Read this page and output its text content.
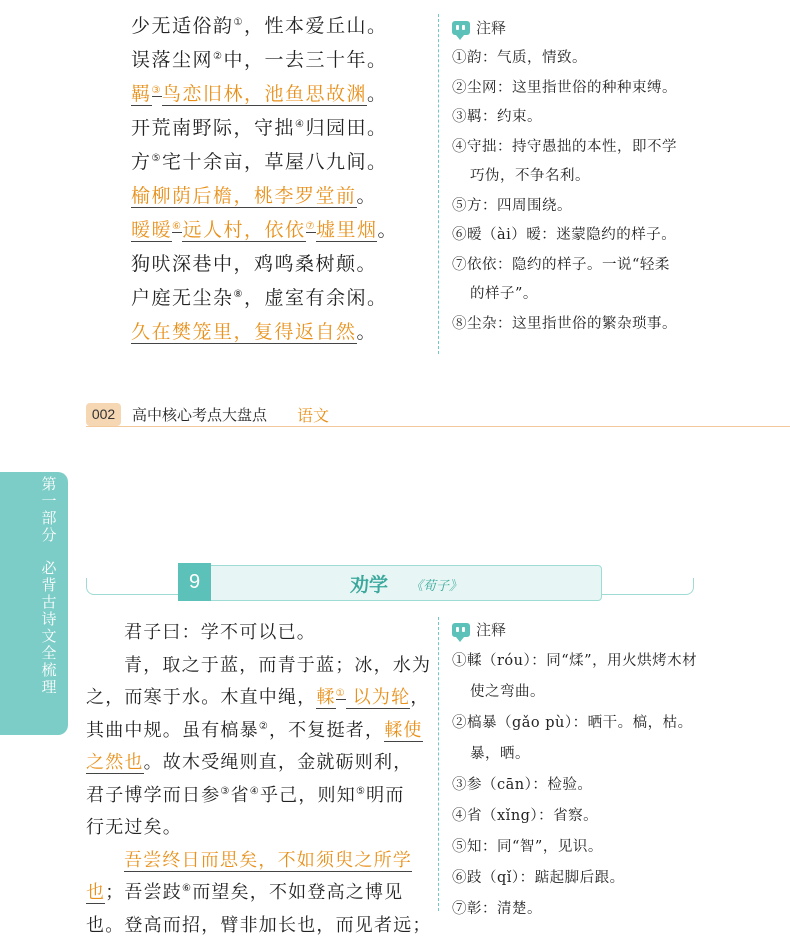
少无适俗韵①，性本爱丘山。
误落尘网②中，一去三十年。
羁③鸟恋旧林，池鱼思故渊。
开荒南野际，守拙④归园田。
方⑤宅十余亩，草屋八九间。
榆柳荫后檐，桃李罗堂前。
暧暧⑥远人村，依依⑦墟里烟。
狗吠深巷中，鸡鸣桑树颠。
户庭无尘杂⑧，虚室有余闲。
久在樊笼里，复得返自然。
注释
①韵：气质，情致。
②尘网：这里指世俗的种种束缚。
③羁：约束。
④守拙：持守愚拙的本性，即不学
巧伪，不争名利。
⑤方：四周围绕。
⑥暧（ài）暧：迷蒙隐约的样子。
⑦依依：隐约的样子。一说“轻柔
的样子”。
⑧尘杂：这里指世俗的繁杂琐事。
002	高中核心考点大盘点 语文
第一部分
必背古诗文全梳理
9	劝学 《荀子》
君子曰：学不可以已。
青，取之于蓝，而青于蓝；冰，水为
之，而寒于水。木直中绳，輮① 以为轮，
其曲中规。虽有槁暴②，不复挺者，輮使
之然也。故木受绳则直，金就砺则利，
君子博学而日参③省④乎己，则知⑤明而
行无过矣。
吾尝终日而思矣，不如须臾之所学
也；吾尝跂⑥而望矣，不如登高之博见
也。登高而招，臂非加长也，而见者远；
注释
①輮（róu）：同“煣”，用火烘烤木材
使之弯曲。
②槁暴（gǎo pù）：晒干。槁，枯。
暴，晒。
③参（cān）：检验。
④省（xǐng）：省察。
⑤知：同“智”，见识。
⑥跂（qǐ）：踮起脚后跟。
⑦彰：清楚。
